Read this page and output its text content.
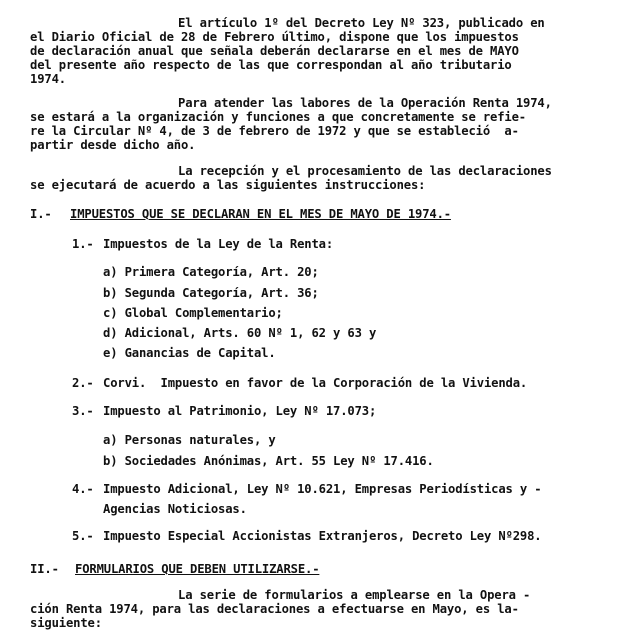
El artículo 1º del Decreto Ley Nº 323, publicado en
el Diario Oficial de 28 de Febrero último, dispone que los impuestos
de declaración anual que señala deberán declararse en el mes de MAYO
del presente año respecto de las que correspondan al año tributario
1974.
Para atender las labores de la Operación Renta 1974,
se estará a la organización y funciones a que concretamente se refie-
re la Circular Nº 4, de 3 de febrero de 1972 y que se estableció  a-
partir desde dicho año.
La recepción y el procesamiento de las declaraciones
se ejecutará de acuerdo a las siguientes instrucciones:
I.- IMPUESTOS QUE SE DECLARAN EN EL MES DE MAYO DE 1974.-
1.- Impuestos de la Ley de la Renta:
a) Primera Categoría, Art. 20;
b) Segunda Categoría, Art. 36;
c) Global Complementario;
d) Adicional, Arts. 60 Nº 1, 62 y 63 y
e) Ganancias de Capital.
2.- Corvi.  Impuesto en favor de la Corporación de la Vivienda.
3.- Impuesto al Patrimonio, Ley Nº 17.073;
a) Personas naturales, y
b) Sociedades Anónimas, Art. 55 Ley Nº 17.416.
4.- Impuesto Adicional, Ley Nº 10.621, Empresas Periodísticas y -
Agencias Noticiosas.
5.- Impuesto Especial Accionistas Extranjeros, Decreto Ley Nº298.
II.- FORMULARIOS QUE DEBEN UTILIZARSE.-
La serie de formularios a emplearse en la Opera -
ción Renta 1974, para las declaraciones a efectuarse en Mayo, es la-
siguiente:
